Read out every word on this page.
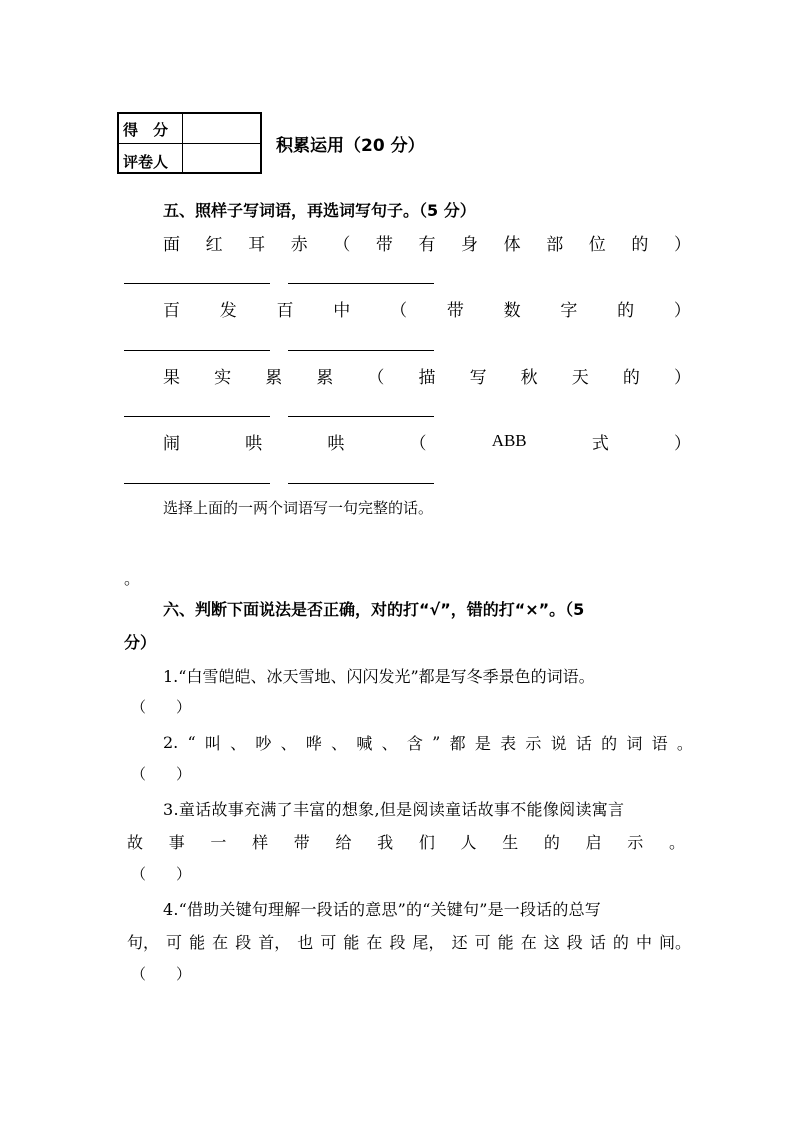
得　分
评卷人
积累运用（20 分）
五、照样子写词语，再选词写句子。（5 分）
面 红 耳 赤 （ 带 有 身 体 部 位 的 ）
百 发 百 中 （ 带 数 字 的 ）
果 实 累 累 （ 描 写 秋 天 的 ）
闹	哄	哄	（	ABB	式	）
选择上面的一两个词语写一句完整的话。
。
六、判断下面说法是否正确，对的打“√”，错的打“×”。（5
分）
1.“白雪皑皑、冰天雪地、闪闪发光”都是写冬季景色的词语。
（　　）
2. “ 叫 、 吵 、 哗 、 喊 、 含 ” 都 是 表 示 说 话 的 词 语 。
（　　）
3.童话故事充满了丰富的想象,但是阅读童话故事不能像阅读寓言
故 事 一 样 带 给 我 们 人 生 的 启 示 。
（　　）
4.“借助关键句理解一段话的意思”的“关键句”是一段话的总写
句， 可 能 在 段 首， 也 可 能 在 段 尾， 还 可 能 在 这 段 话 的 中 间。
（　　）
